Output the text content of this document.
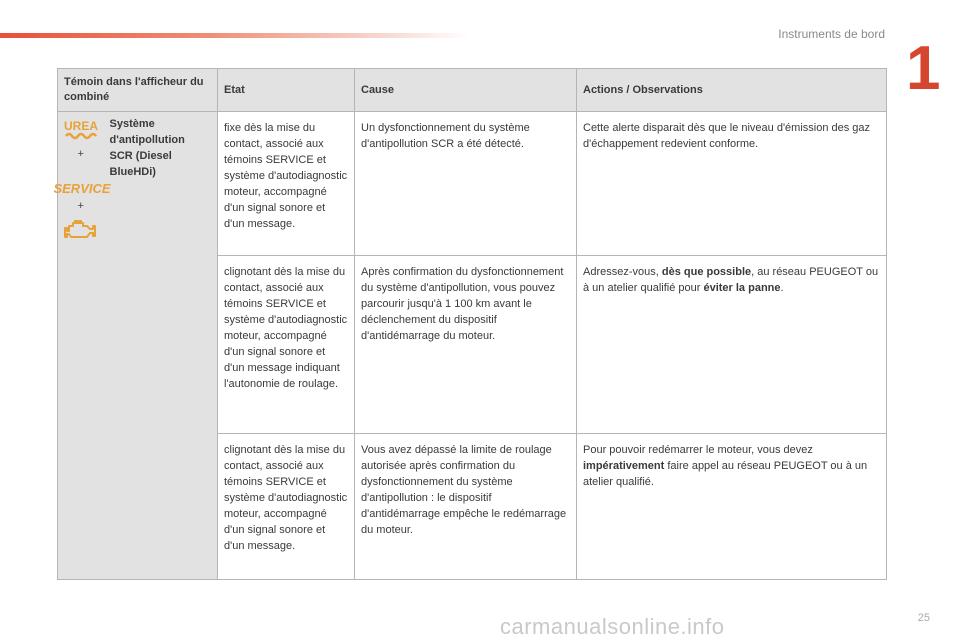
Instruments de bord 1
Témoin dans l'afficheur du combiné		Etat	Cause	Actions / Observations

UREA
+
SERVICE
+	Système d'antipollution SCR (Diesel BlueHDi)	fixe dès la mise du contact, associé aux témoins SERVICE et système d'autodiagnostic moteur, accompagné d'un signal sonore et d'un message.	Un dysfonctionnement du système d'antipollution SCR a été détecté.	Cette alerte disparait dès que le niveau d'émission des gaz d'échappement redevient conforme.
		clignotant dès la mise du contact, associé aux témoins SERVICE et système d'autodiagnostic moteur, accompagné d'un signal sonore et d'un message indiquant l'autonomie de roulage.	Après confirmation du dysfonctionnement du système d'antipollution, vous pouvez parcourir jusqu'à 1 100 km avant le déclenchement du dispositif d'antidémarrage du moteur.	Adressez-vous, dès que possible, au réseau PEUGEOT ou à un atelier qualifié pour éviter la panne.
		clignotant dès la mise du contact, associé aux témoins SERVICE et système d'autodiagnostic moteur, accompagné d'un signal sonore et d'un message.	Vous avez dépassé la limite de roulage autorisée après confirmation du dysfonctionnement du système d'antipollution : le dispositif d'antidémarrage empêche le redémarrage du moteur.	Pour pouvoir redémarrer le moteur, vous devez impérativement faire appel au réseau PEUGEOT ou à un atelier qualifié.
carmanualsonline.info	25
